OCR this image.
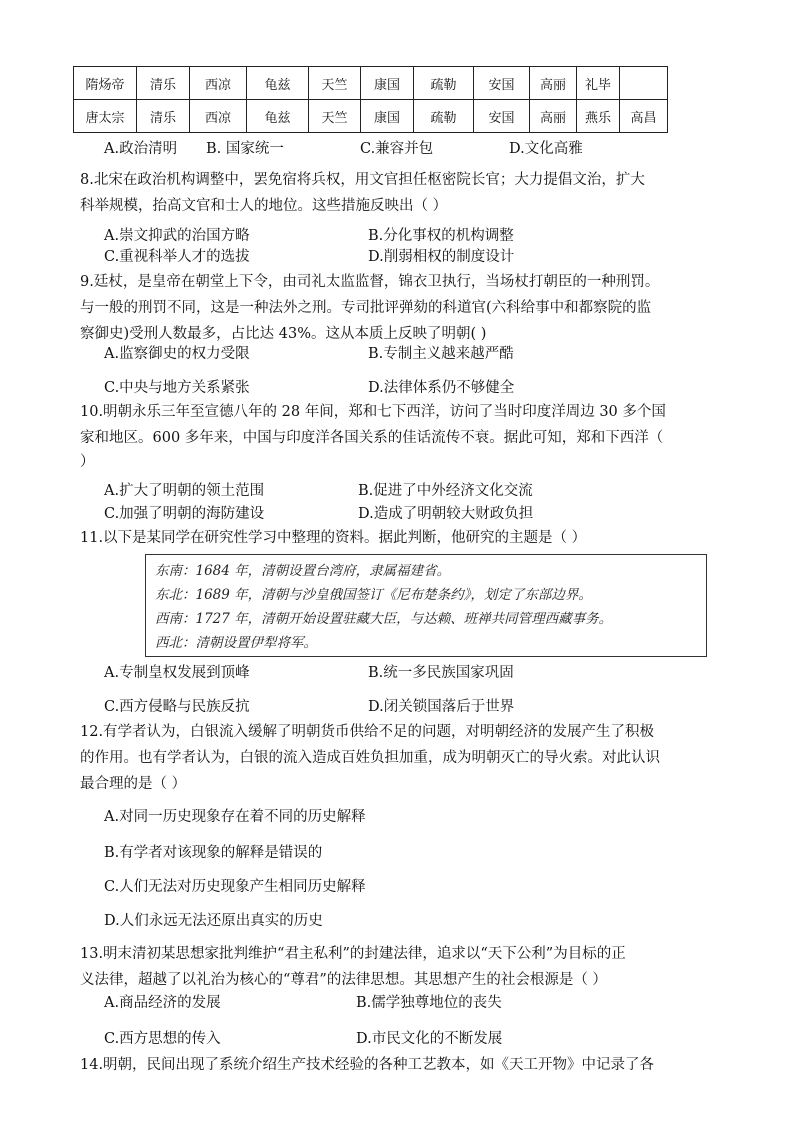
隋炀帝	清乐	西凉	龟兹	天竺	康国	疏勒	安国	高丽	礼毕	
唐太宗	清乐	西凉	龟兹	天竺	康国	疏勒	安国	高丽	燕乐	高昌
A.政治清明 B. 国家统一	C.兼容并包	D.文化高雅
8.北宋在政治机构调整中，罢免宿将兵权，用文官担任枢密院长官；大力提倡文治，扩大
科举规模，抬高文官和士人的地位。这些措施反映出（ ）
A.崇文抑武的治国方略	B.分化事权的机构调整
C.重视科举人才的选拔	D.削弱相权的制度设计
9.廷杖，是皇帝在朝堂上下令，由司礼太监监督，锦衣卫执行，当场杖打朝臣的一种刑罚。
与一般的刑罚不同，这是一种法外之刑。专司批评弹劾的科道官(六科给事中和都察院的监
察御史)受刑人数最多，占比达 43%。这从本质上反映了明朝( )
A.监察御史的权力受限	B.专制主义越来越严酷
C.中央与地方关系紧张	D.法律体系仍不够健全
10.明朝永乐三年至宣德八年的 28 年间，郑和七下西洋，访问了当时印度洋周边 30 多个国
家和地区。600 多年来，中国与印度洋各国关系的佳话流传不衰。据此可知，郑和下西洋（
）
A.扩大了明朝的领土范围	B.促进了中外经济文化交流
C.加强了明朝的海防建设	D.造成了明朝较大财政负担
11.以下是某同学在研究性学习中整理的资料。据此判断，他研究的主题是（ ）
东南：1684 年，清朝设置台湾府，隶属福建省。
东北：1689 年，清朝与沙皇俄国签订《尼布楚条约》，划定了东部边界。
西南：1727 年，清朝开始设置驻藏大臣，与达赖、班禅共同管理西藏事务。
西北：清朝设置伊犁将军。
A.专制皇权发展到顶峰	B.统一多民族国家巩固
C.西方侵略与民族反抗	D.闭关锁国落后于世界
12.有学者认为，白银流入缓解了明朝货币供给不足的问题，对明朝经济的发展产生了积极
的作用。也有学者认为，白银的流入造成百姓负担加重，成为明朝灭亡的导火索。对此认识
最合理的是（ ）
A.对同一历史现象存在着不同的历史解释
B.有学者对该现象的解释是错误的
C.人们无法对历史现象产生相同历史解释
D.人们永远无法还原出真实的历史
13.明末清初某思想家批判维护“君主私利”的封建法律，追求以“天下公利”为目标的正
义法律，超越了以礼治为核心的“尊君”的法律思想。其思想产生的社会根源是（ ）
A.商品经济的发展	B.儒学独尊地位的丧失
C.西方思想的传入	D.市民文化的不断发展
14.明朝，民间出现了系统介绍生产技术经验的各种工艺教本，如《天工开物》中记录了各
